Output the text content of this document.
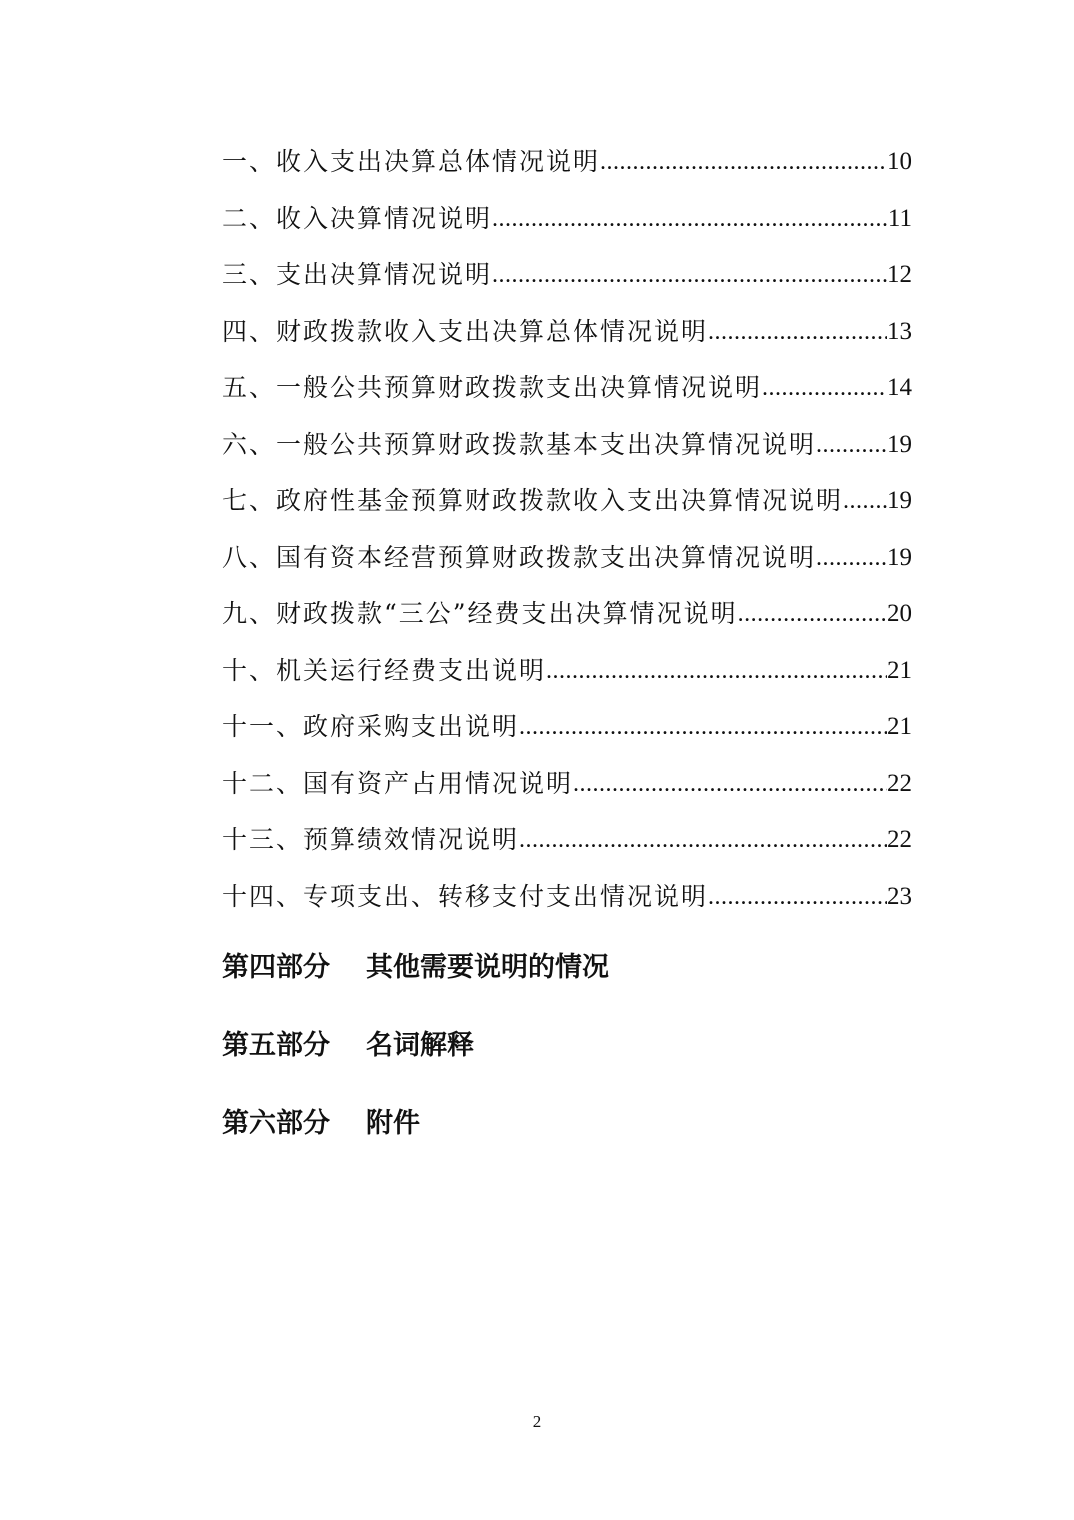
一、收入支出决算总体情况说明 .....	10
二、收入决算情况说明 .....	11
三、支出决算情况说明 .....	12
四、财政拨款收入支出决算总体情况说明 .....	13
五、一般公共预算财政拨款支出决算情况说明 .....	14
六、一般公共预算财政拨款基本支出决算情况说明 .....	19
七、政府性基金预算财政拨款收入支出决算情况说明 ..... 19
八、国有资本经营预算财政拨款支出决算情况说明 .....	19
九、财政拨款“三公”经费支出决算情况说明 .....	20
十、机关运行经费支出说明 .....	21
十一、政府采购支出说明 .....	21
十二、国有资产占用情况说明 .....	22
十三、预算绩效情况说明 .....	22
十四、专项支出、转移支付支出情况说明 .....	23
第四部分 其他需要说明的情况
第五部分 名词解释
第六部分 附件
2
